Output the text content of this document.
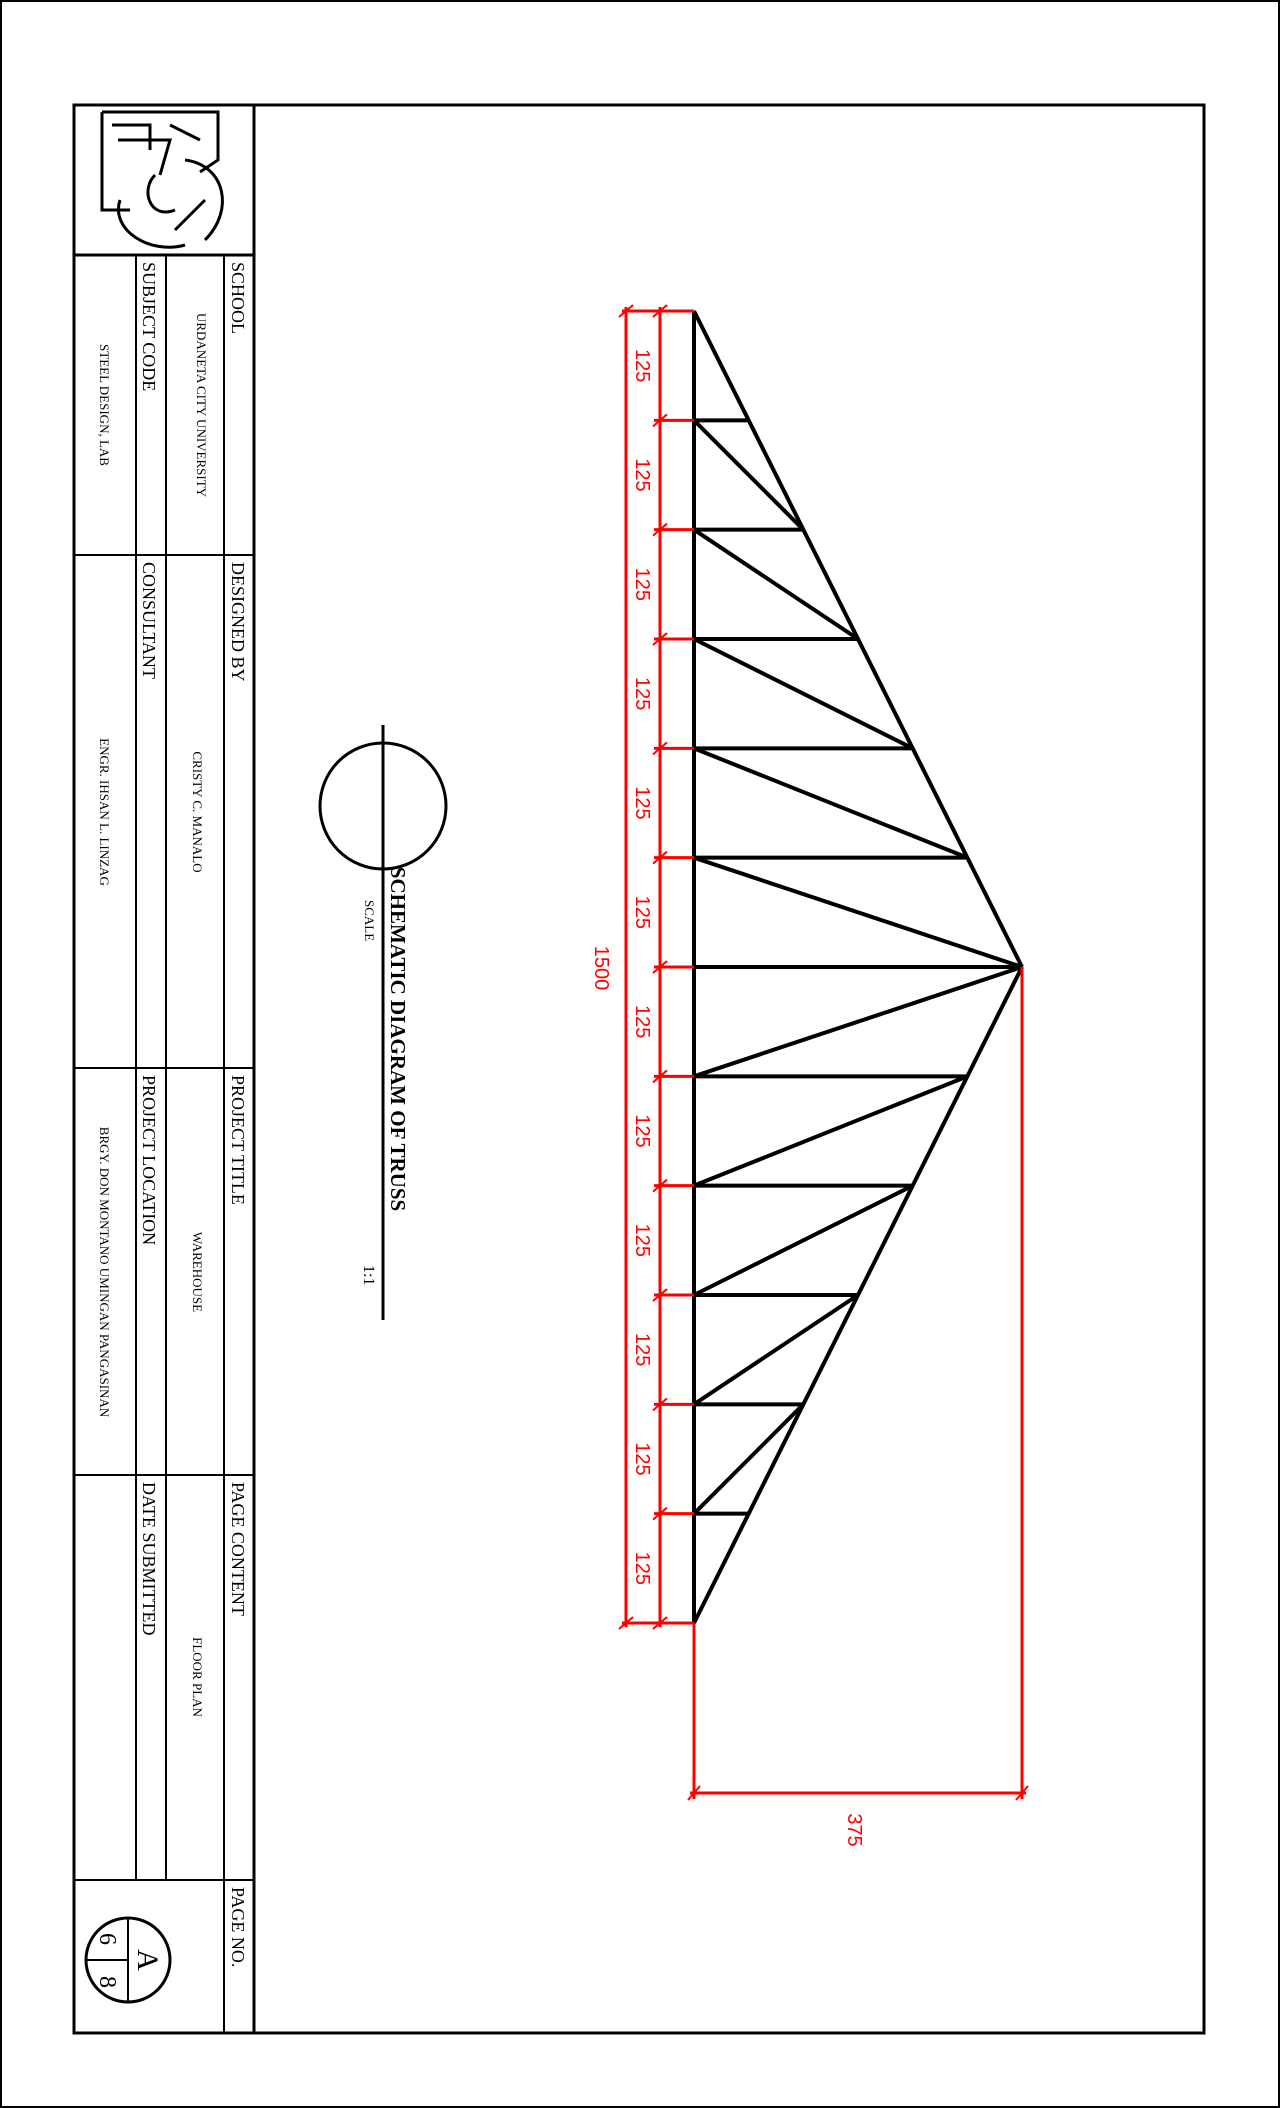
SCHOOL
URDANETA CITY UNIVERSITY
SUBJECT CODE
STEEL DESIGN, LAB
DESIGNED BY
CRISTY C. MANALO
CONSULTANT
ENGR. IHSAN L. LINZAG
PROJECT TITLE
WAREHOUSE
PROJECT LOCATION
BRGY. DON MONTANO UMINGAN PANGASINAN
PAGE CONTENT
FLOOR PLAN
DATE SUBMITTED
PAGE NO.
A
6
8
SCHEMATIC DIAGRAM OF TRUSS
SCALE
1:1
125
125
125
125
125
125
125
125
125
125
125
125
1500
375
